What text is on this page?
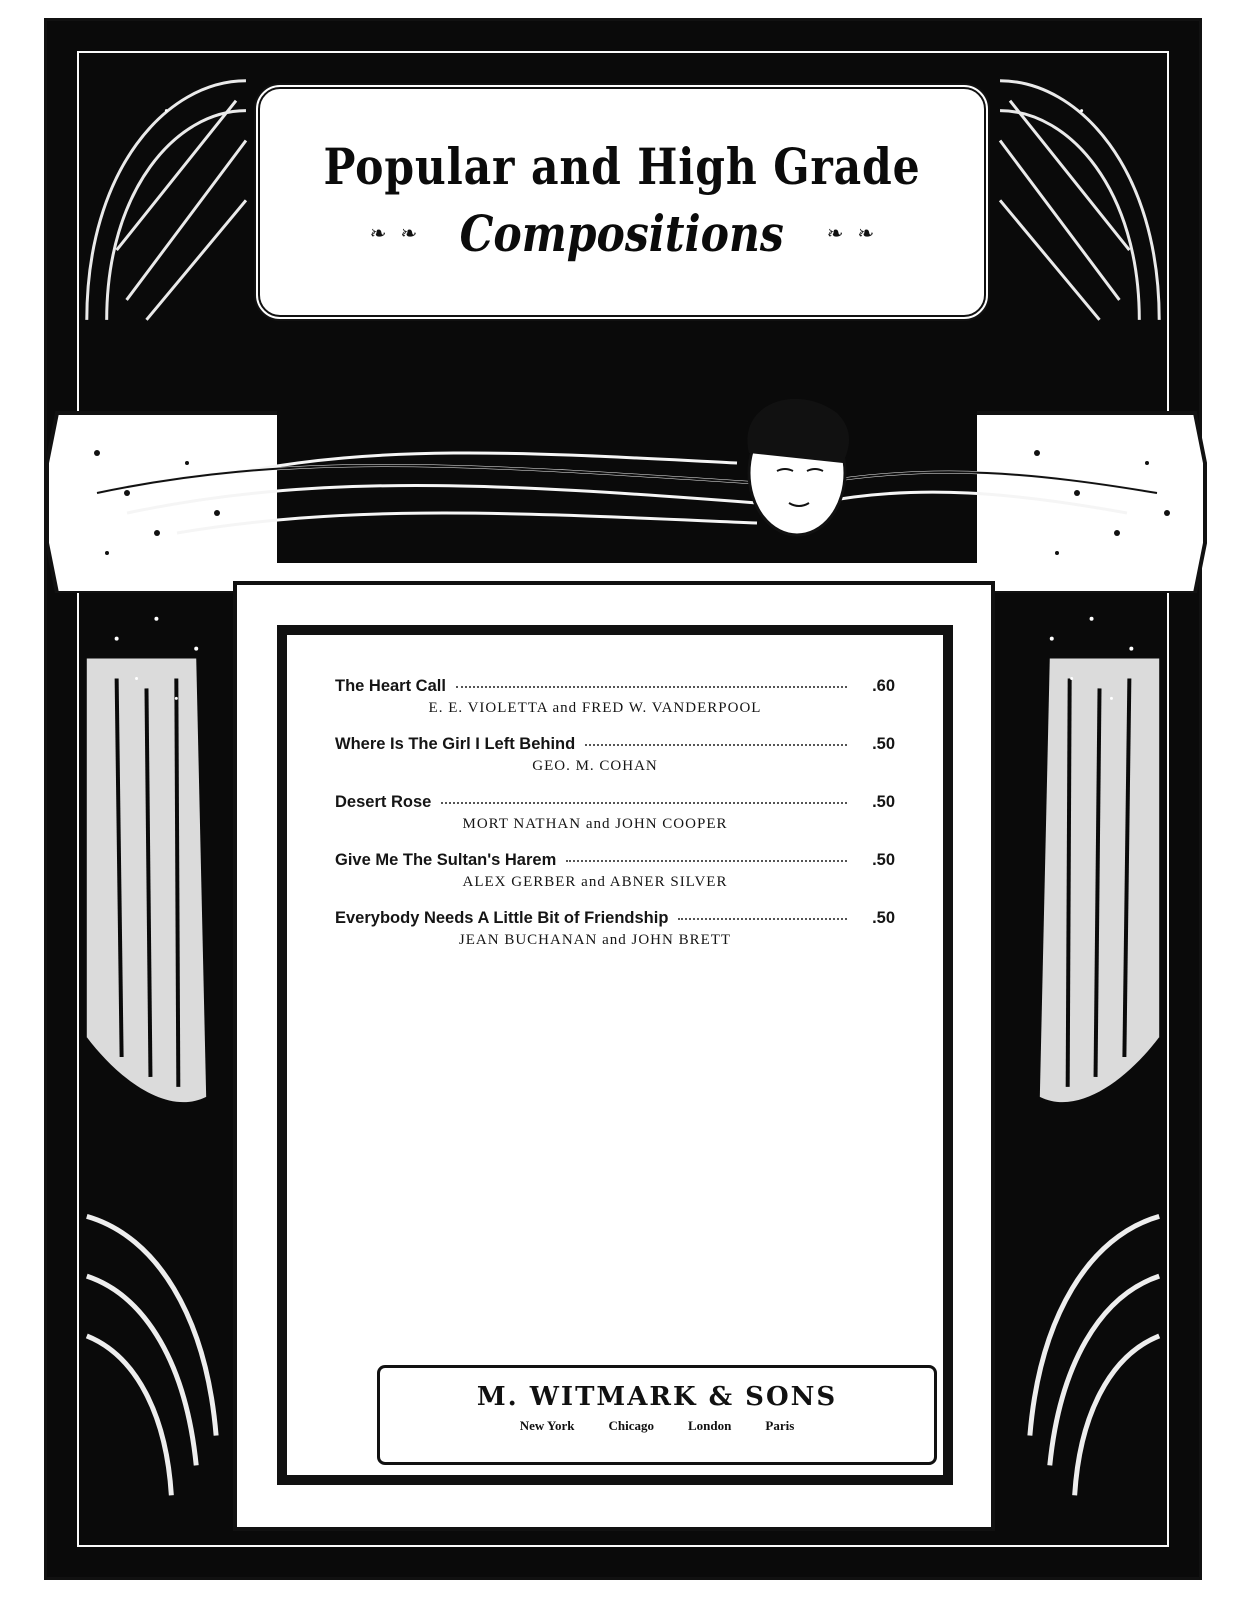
Popular and High Grade
❧ ❧ Compositions ❧ ❧
The Heart Call	.60
E. E. VIOLETTA and FRED W. VANDERPOOL
Where Is The Girl I Left Behind	.50
GEO. M. COHAN
Desert Rose	.50
MORT NATHAN and JOHN COOPER
Give Me The Sultan's Harem	.50
ALEX GERBER and ABNER SILVER
Everybody Needs A Little Bit of Friendship	.50
JEAN BUCHANAN and JOHN BRETT
M. WITMARK & SONS
New York	Chicago	London	Paris
